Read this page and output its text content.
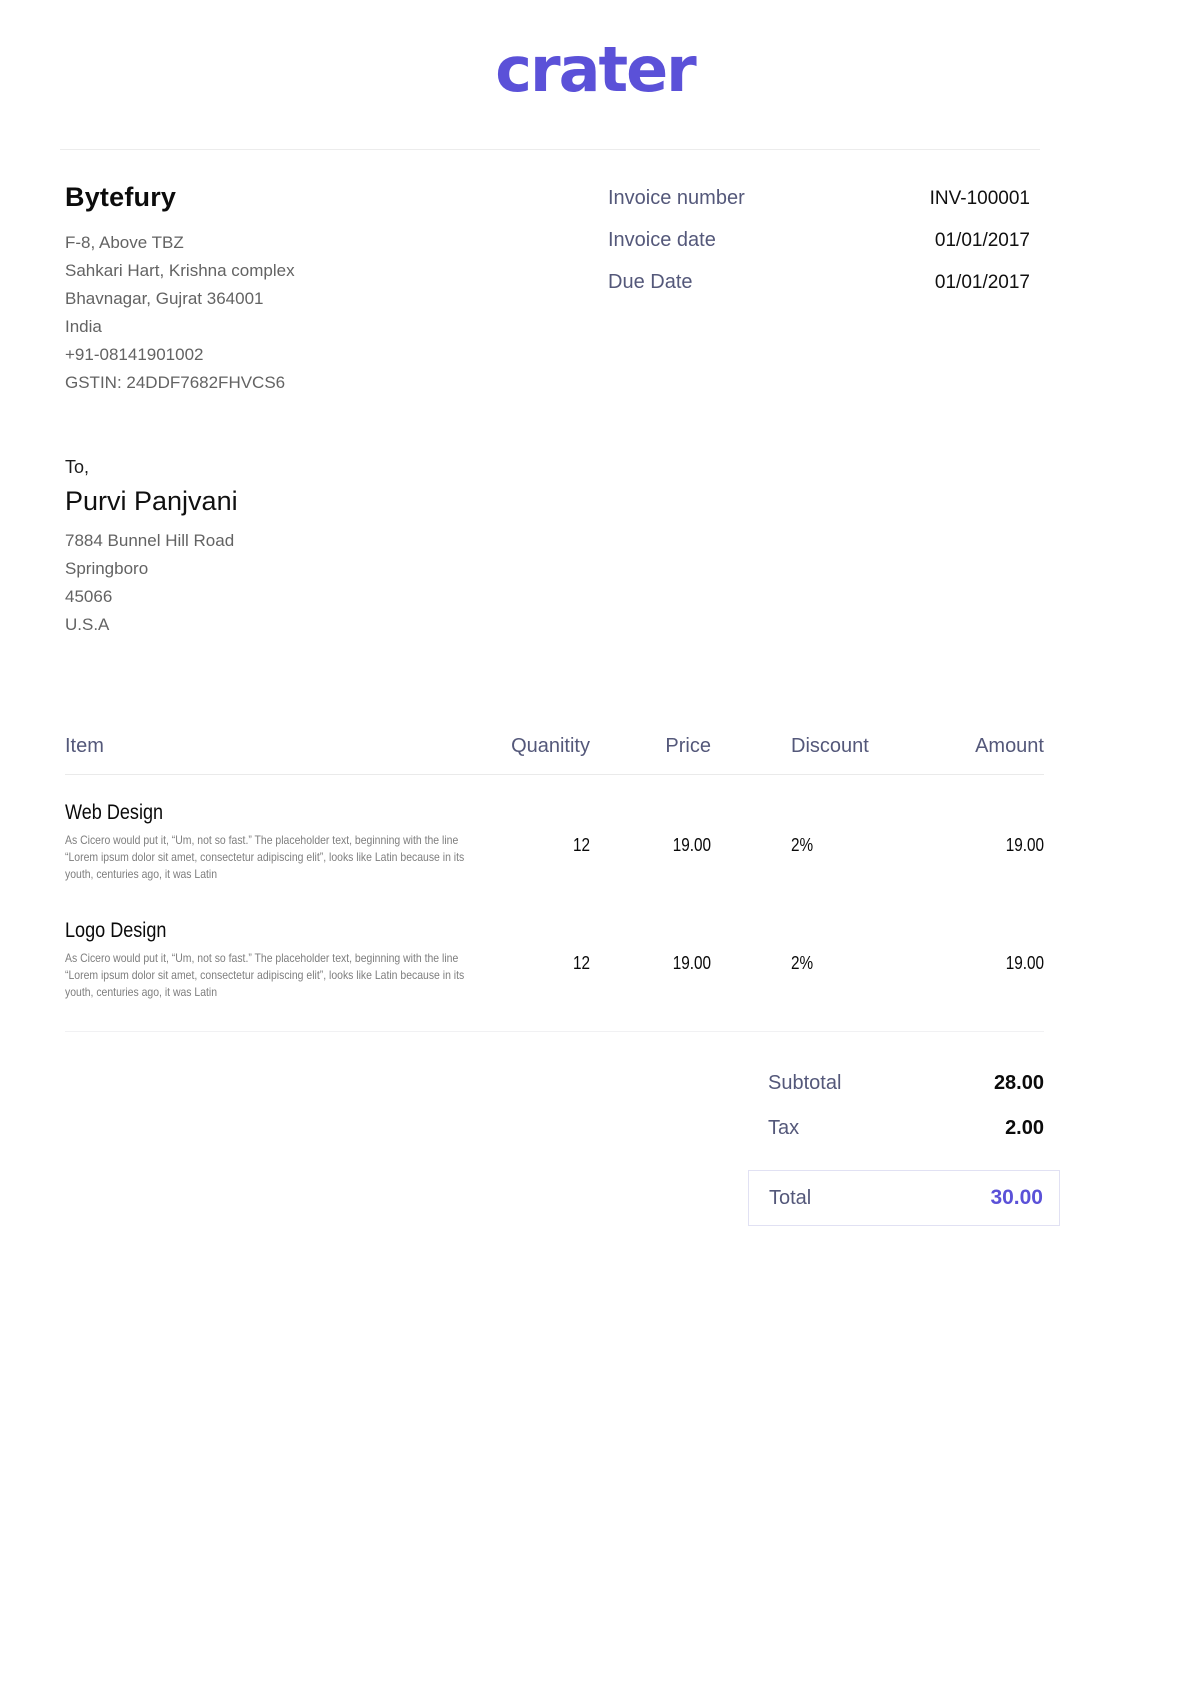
crater
Bytefury
F-8, Above TBZ
Sahkari Hart, Krishna complex
Bhavnagar, Gujrat 364001
India
+91-08141901002
GSTIN: 24DDF7682FHVCS6
Invoice number	INV-100001
Invoice date	01/01/2017
Due Date	01/01/2017
To,
Purvi Panjvani
7884 Bunnel Hill Road
Springboro
45066
U.S.A
Item	Quanitity	Price	Discount	Amount
Web Design
As Cicero would put it, “Um, not so fast.” The placeholder text, beginning with the line “Lorem ipsum dolor sit amet, consectetur adipiscing elit”, looks like Latin because in its youth, centuries ago, it was Latin
12	19.00	2%	19.00
Logo Design
As Cicero would put it, “Um, not so fast.” The placeholder text, beginning with the line “Lorem ipsum dolor sit amet, consectetur adipiscing elit”, looks like Latin because in its youth, centuries ago, it was Latin
12	19.00	2%	19.00
Subtotal	28.00
Tax	2.00
Total	30.00
